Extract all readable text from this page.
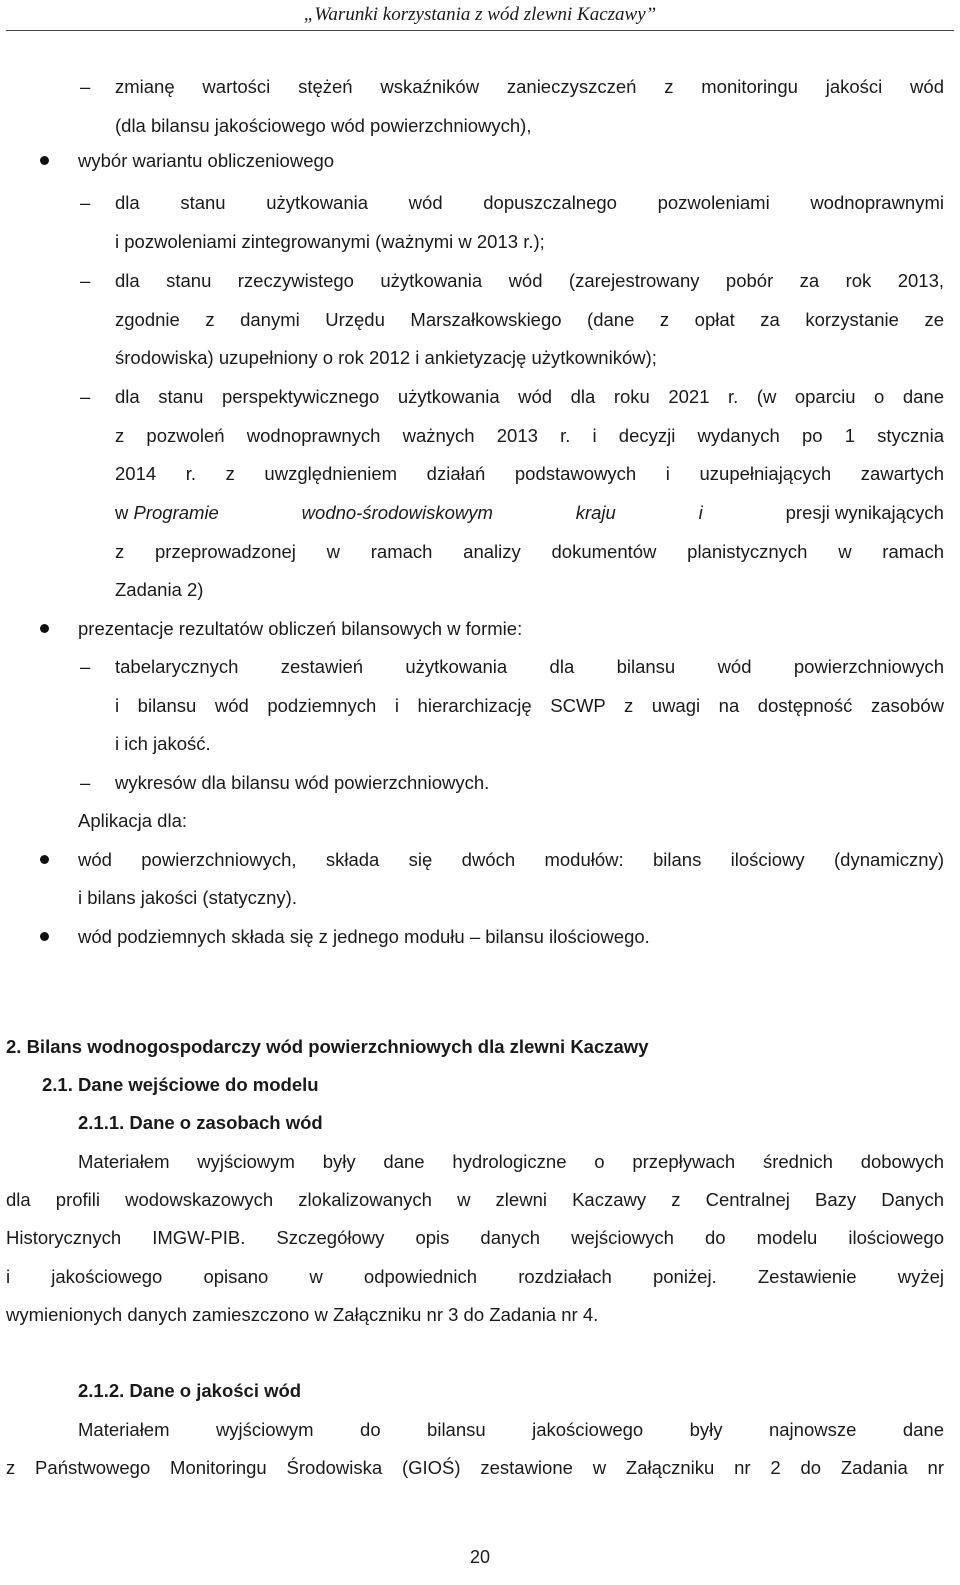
„Warunki korzystania z wód zlewni Kaczawy”
– zmianę wartości stężeń wskaźników zanieczyszczeń z monitoringu jakości wód
(dla bilansu jakościowego wód powierzchniowych),
wybór wariantu obliczeniowego
– dla stanu użytkowania wód dopuszczalnego pozwoleniami wodnoprawnymi
i pozwoleniami zintegrowanymi (ważnymi w 2013 r.);
– dla stanu rzeczywistego użytkowania wód (zarejestrowany pobór za rok 2013,
zgodnie z danymi Urzędu Marszałkowskiego (dane z opłat za korzystanie ze
środowiska) uzupełniony o rok 2012 i ankietyzację użytkowników);
– dla stanu perspektywicznego użytkowania wód dla roku 2021 r. (w oparciu o dane
z pozwoleń wodnoprawnych ważnych 2013 r. i decyzji wydanych po 1 stycznia
2014 r. z uwzględnieniem działań podstawowych i uzupełniających zawartych
w Programie	wodno-środowiskowym	kraju	i	presji wynikających
z przeprowadzonej w ramach analizy dokumentów planistycznych w ramach
Zadania 2)
prezentacje rezultatów obliczeń bilansowych w formie:
– tabelarycznych zestawień użytkowania dla bilansu wód powierzchniowych
i bilansu wód podziemnych i hierarchizację SCWP z uwagi na dostępność zasobów
i ich jakość.
– wykresów dla bilansu wód powierzchniowych.
Aplikacja dla:
wód powierzchniowych, składa się dwóch modułów: bilans ilościowy (dynamiczny)
i bilans jakości (statyczny).
wód podziemnych składa się z jednego modułu – bilansu ilościowego.
2. Bilans wodnogospodarczy wód powierzchniowych dla zlewni Kaczawy
2.1. Dane wejściowe do modelu
2.1.1. Dane o zasobach wód
Materiałem wyjściowym były dane hydrologiczne o przepływach średnich dobowych
dla profili wodowskazowych zlokalizowanych w zlewni Kaczawy z Centralnej Bazy Danych
Historycznych IMGW-PIB. Szczegółowy opis danych wejściowych do modelu ilościowego
i jakościowego opisano w odpowiednich rozdziałach poniżej. Zestawienie wyżej
wymienionych danych zamieszczono w Załączniku nr 3 do Zadania nr 4.
2.1.2. Dane o jakości wód
Materiałem wyjściowym do bilansu jakościowego były najnowsze dane
z Państwowego Monitoringu Środowiska (GIOŚ) zestawione w Załączniku nr 2 do Zadania nr
20
